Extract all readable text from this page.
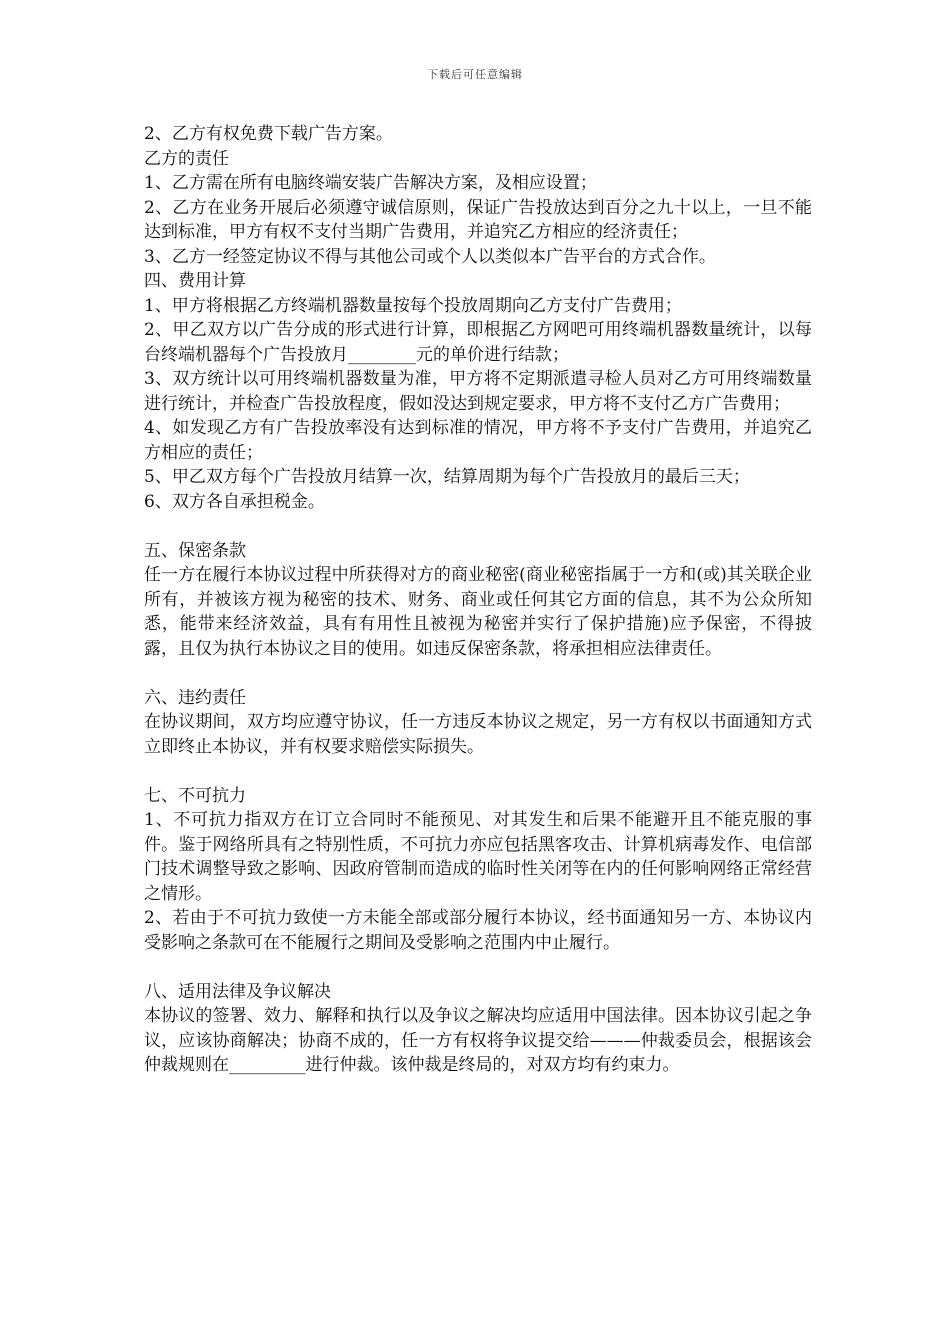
下载后可任意编辑

2、乙方有权免费下载广告方案。

乙方的责任

1、乙方需在所有电脑终端安装广告解决方案，及相应设置；

2、乙方在业务开展后必须遵守诚信原则，保证广告投放达到百分之九十以上，一旦不能达到标准，甲方有权不支付当期广告费用，并追究乙方相应的经济责任；

3、乙方一经签定协议不得与其他公司或个人以类似本广告平台的方式合作。

四、费用计算

1、甲方将根据乙方终端机器数量按每个投放周期向乙方支付广告费用；

2、甲乙双方以广告分成的形式进行计算，即根据乙方网吧可用终端机器数量统计，以每台终端机器每个广告投放月________元的单价进行结款；

3、双方统计以可用终端机器数量为准，甲方将不定期派遣寻检人员对乙方可用终端数量进行统计，并检查广告投放程度，假如没达到规定要求，甲方将不支付乙方广告费用；

4、如发现乙方有广告投放率没有达到标准的情况，甲方将不予支付广告费用，并追究乙方相应的责任；

5、甲乙双方每个广告投放月结算一次，结算周期为每个广告投放月的最后三天；

6、双方各自承担税金。

五、保密条款

任一方在履行本协议过程中所获得对方的商业秘密(商业秘密指属于一方和(或)其关联企业所有，并被该方视为秘密的技术、财务、商业或任何其它方面的信息，其不为公众所知悉，能带来经济效益，具有有用性且被视为秘密并实行了保护措施)应予保密，不得披露，且仅为执行本协议之目的使用。如违反保密条款，将承担相应法律责任。

六、违约责任

在协议期间，双方均应遵守协议，任一方违反本协议之规定，另一方有权以书面通知方式立即终止本协议，并有权要求赔偿实际损失。

七、不可抗力

1、不可抗力指双方在订立合同时不能预见、对其发生和后果不能避开且不能克服的事件。鉴于网络所具有之特别性质，不可抗力亦应包括黑客攻击、计算机病毒发作、电信部门技术调整导致之影响、因政府管制而造成的临时性关闭等在内的任何影响网络正常经营之情形。

2、若由于不可抗力致使一方未能全部或部分履行本协议，经书面通知另一方、本协议内受影响之条款可在不能履行之期间及受影响之范围内中止履行。

八、适用法律及争议解决

本协议的签署、效力、解释和执行以及争议之解决均应适用中国法律。因本协议引起之争议，应该协商解决；协商不成的，任一方有权将争议提交给———仲裁委员会，根据该会仲裁规则在_________进行仲裁。该仲裁是终局的，对双方均有约束力。
